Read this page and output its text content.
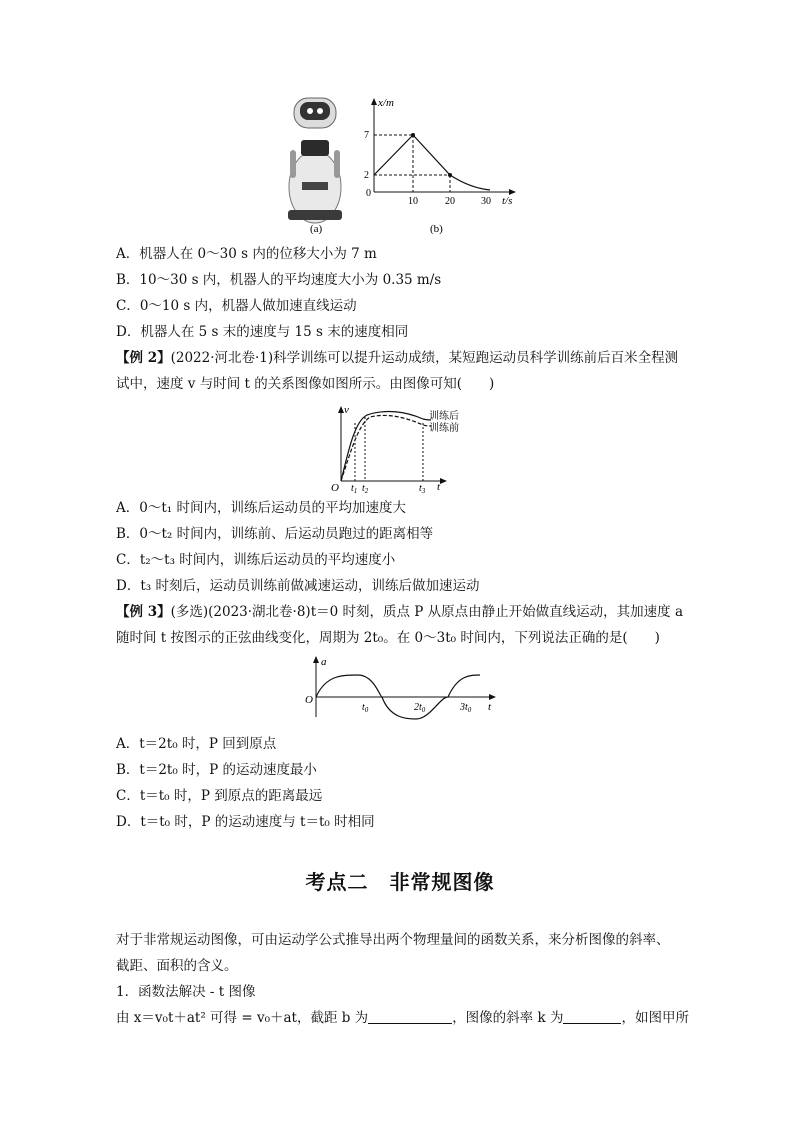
(a)
x/m
t/s
0
7
2
10	20	30
(b)
A．机器人在 0～30 s 内的位移大小为 7 m
B．10～30 s 内，机器人的平均速度大小为 0.35 m/s
C．0～10 s 内，机器人做加速直线运动
D．机器人在 5 s 末的速度与 15 s 末的速度相同
【例 2】(2022·河北卷·1)科学训练可以提升运动成绩，某短跑运动员科学训练前后百米全程测
试中，速度 v 与时间 t 的关系图像如图所示。由图像可知(　　)
v
t
O
训练后
训练前
$t_1$ $t_2$	$t_3$
A．0～t₁ 时间内，训练后运动员的平均加速度大
B．0～t₂ 时间内，训练前、后运动员跑过的距离相等
C．t₂～t₃ 时间内，训练后运动员的平均速度小
D．t₃ 时刻后，运动员训练前做减速运动，训练后做加速运动
【例 3】(多选)(2023·湖北卷·8)t＝0 时刻，质点 P 从原点由静止开始做直线运动，其加速度 a
随时间 t 按图示的正弦曲线变化，周期为 2t₀。在 0～3t₀ 时间内，下列说法正确的是(　　)
a
t
O
$t_0$	$2t_0$	$3t_0$
A．t＝2t₀ 时，P 回到原点
B．t＝2t₀ 时，P 的运动速度最小
C．t＝t₀ 时，P 到原点的距离最远
D．t＝t₀ 时，P 的运动速度与 t＝t₀ 时相同
考点二　非常规图像
对于非常规运动图像，可由运动学公式推导出两个物理量间的函数关系，来分析图像的斜率、
截距、面积的含义。
1．函数法解决 - t 图像
由 x＝v₀t＋at² 可得 = v₀＋at，截距 b 为	，图像的斜率 k 为	，如图甲所
